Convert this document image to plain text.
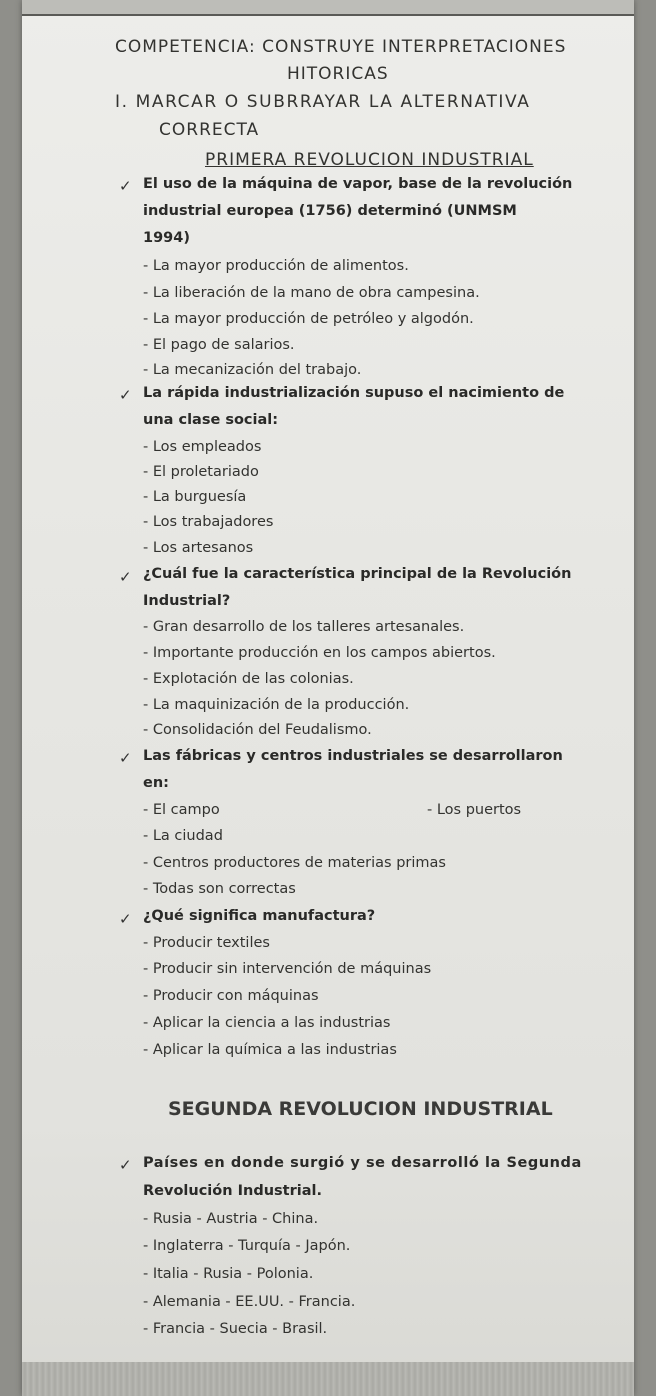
COMPETENCIA: CONSTRUYE INTERPRETACIONES
HITORICAS
I. MARCAR O SUBRRAYAR LA ALTERNATIVA
CORRECTA
PRIMERA REVOLUCION INDUSTRIAL
✓ El uso de la máquina de vapor, base de la revolución
industrial europea (1756) determinó (UNMSM
1994)
- La mayor producción de alimentos.
- La liberación de la mano de obra campesina.
- La mayor producción de petróleo y algodón.
- El pago de salarios.
- La mecanización del trabajo.
✓ La rápida industrialización supuso el nacimiento de
una clase social:
- Los empleados
- El proletariado
- La burguesía
- Los trabajadores
- Los artesanos
✓ ¿Cuál fue la característica principal de la Revolución
Industrial?
- Gran desarrollo de los talleres artesanales.
- Importante producción en los campos abiertos.
- Explotación de las colonias.
- La maquinización de la producción.
- Consolidación del Feudalismo.
✓ Las fábricas y centros industriales se desarrollaron
en:
- El campo	- Los puertos
- La ciudad
- Centros productores de materias primas
- Todas son correctas
✓ ¿Qué significa manufactura?
- Producir textiles
- Producir sin intervención de máquinas
- Producir con máquinas
- Aplicar la ciencia a las industrias
- Aplicar la química a las industrias
SEGUNDA REVOLUCION INDUSTRIAL
✓ Países en donde surgió y se desarrolló la Segunda
Revolución Industrial.
- Rusia - Austria - China.
- Inglaterra - Turquía - Japón.
- Italia - Rusia - Polonia.
- Alemania - EE.UU. - Francia.
- Francia - Suecia - Brasil.
